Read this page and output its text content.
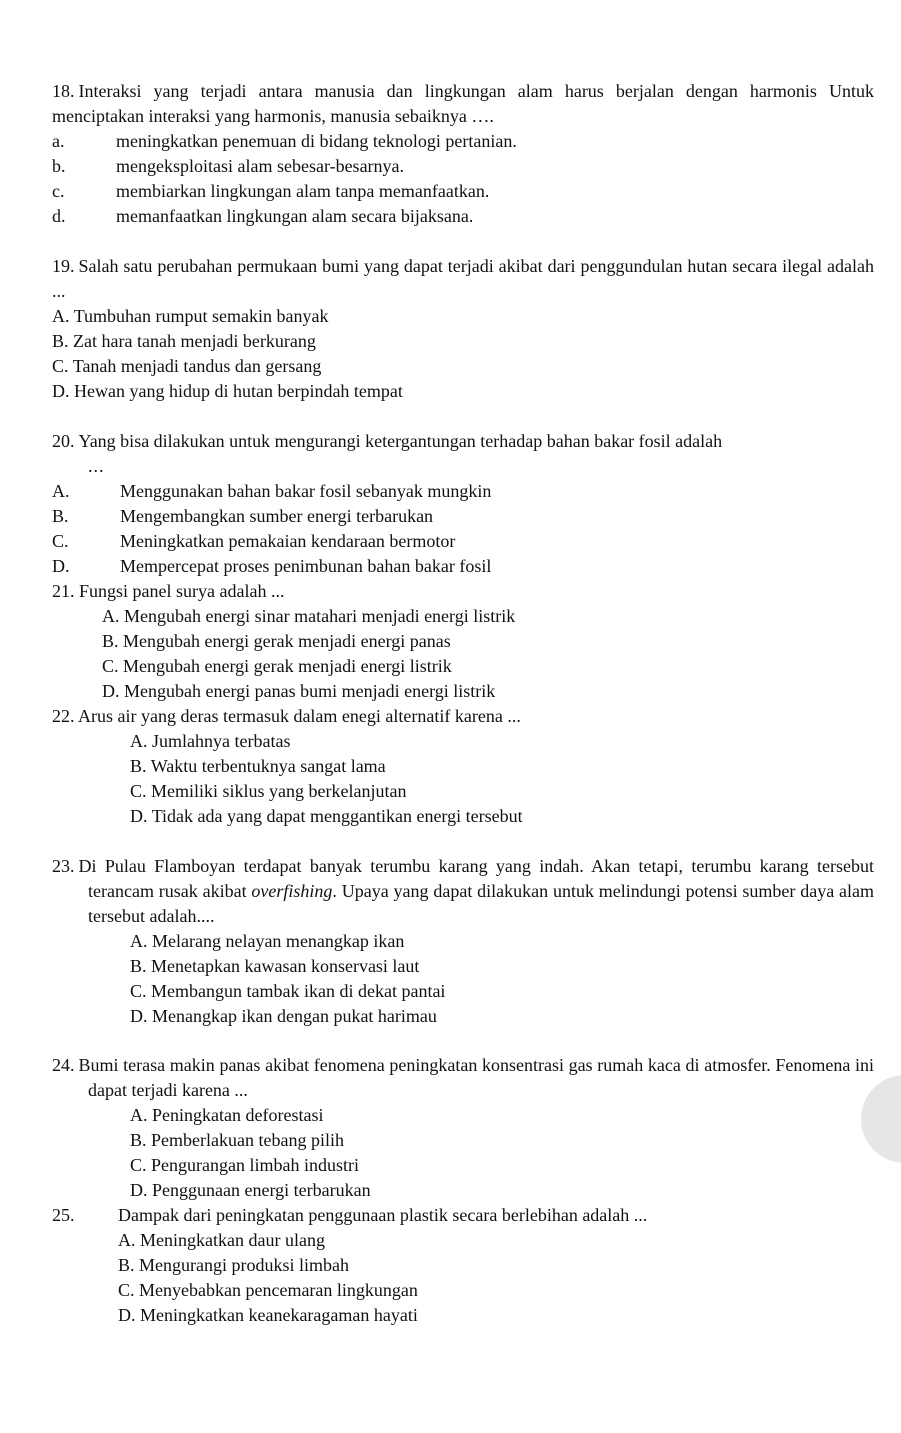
18. Interaksi yang terjadi antara manusia dan lingkungan alam harus berjalan dengan harmonis Untuk menciptakan interaksi yang harmonis, manusia sebaiknya ….
a.	meningkatkan penemuan di bidang teknologi pertanian.
b.	mengeksploitasi alam sebesar-besarnya.
c.	membiarkan lingkungan alam tanpa memanfaatkan.
d.	memanfaatkan lingkungan alam secara bijaksana.
19. Salah satu perubahan permukaan bumi yang dapat terjadi akibat dari penggundulan hutan secara ilegal adalah ...
A. Tumbuhan rumput semakin banyak
B. Zat hara tanah menjadi berkurang
C. Tanah menjadi tandus dan gersang
D. Hewan yang hidup di hutan berpindah tempat
20. Yang bisa dilakukan untuk mengurangi ketergantungan terhadap bahan bakar fosil adalah
...
A.	Menggunakan bahan bakar fosil sebanyak mungkin
B.	Mengembangkan sumber energi terbarukan
C.	Meningkatkan pemakaian kendaraan bermotor
D.	Mempercepat proses penimbunan bahan bakar fosil
21. Fungsi panel surya adalah ...
A. Mengubah energi sinar matahari menjadi energi listrik
B. Mengubah energi gerak menjadi energi panas
C. Mengubah energi gerak menjadi energi listrik
D. Mengubah energi panas bumi menjadi energi listrik
22. Arus air yang deras termasuk dalam enegi alternatif karena ...
A. Jumlahnya terbatas
B. Waktu terbentuknya sangat lama
C. Memiliki siklus yang berkelanjutan
D. Tidak ada yang dapat menggantikan energi tersebut
23. Di Pulau Flamboyan terdapat banyak terumbu karang yang indah. Akan tetapi, terumbu karang tersebut terancam rusak akibat overfishing. Upaya yang dapat dilakukan untuk melindungi potensi sumber daya alam tersebut adalah....
A. Melarang nelayan menangkap ikan
B. Menetapkan kawasan konservasi laut
C. Membangun tambak ikan di dekat pantai
D. Menangkap ikan dengan pukat harimau
24. Bumi terasa makin panas akibat fenomena peningkatan konsentrasi gas rumah kaca di atmosfer. Fenomena ini dapat terjadi karena ...
A. Peningkatan deforestasi
B. Pemberlakuan tebang pilih
C. Pengurangan limbah industri
D. Penggunaan energi terbarukan
25. Dampak dari peningkatan penggunaan plastik secara berlebihan adalah ...
A. Meningkatkan daur ulang
B. Mengurangi produksi limbah
C. Menyebabkan pencemaran lingkungan
D. Meningkatkan keanekaragaman hayati
